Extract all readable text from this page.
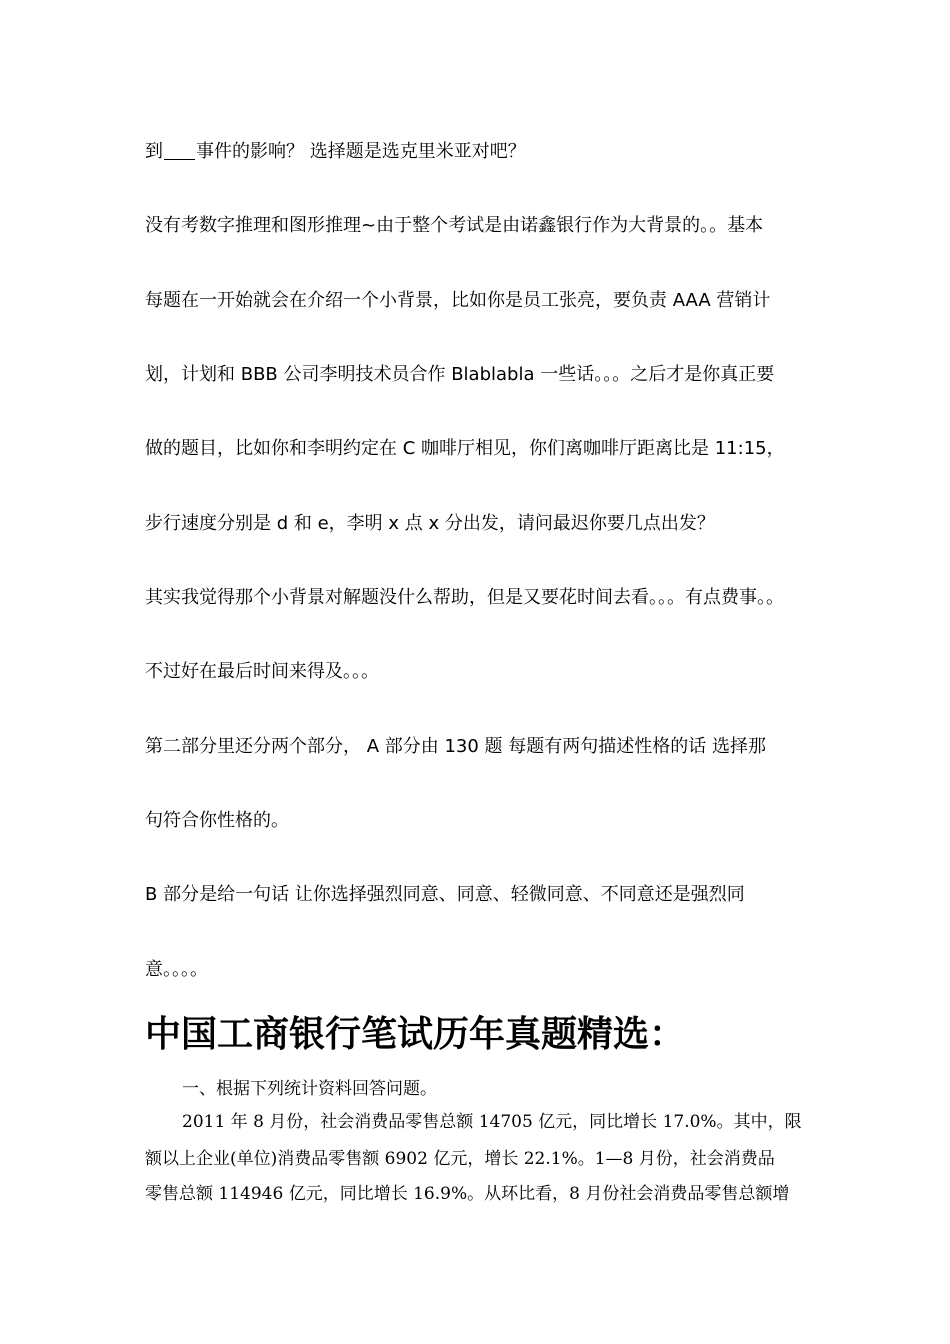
到 事件的影响？ 选择题是选克里米亚对吧？
没有考数字推理和图形推理~由于整个考试是由诺鑫银行作为大背景的。。基本
每题在一开始就会在介绍一个小背景，比如你是员工张亮，要负责 AAA 营销计
划，计划和 BBB 公司李明技术员合作 Blablabla 一些话。。。之后才是你真正要
做的题目，比如你和李明约定在 C 咖啡厅相见，你们离咖啡厅距离比是 11:15，
步行速度分别是 d 和 e，李明 x 点 x 分出发，请问最迟你要几点出发？
其实我觉得那个小背景对解题没什么帮助，但是又要花时间去看。。。有点费事。。
不过好在最后时间来得及。。。
第二部分里还分两个部分， A 部分由 130 题 每题有两句描述性格的话 选择那
句符合你性格的。
B 部分是给一句话 让你选择强烈同意、同意、轻微同意、不同意还是强烈同
意。。。。
中国工商银行笔试历年真题精选：
一、根据下列统计资料回答问题。
2011 年 8 月份，社会消费品零售总额 14705 亿元，同比增长 17.0%。其中，限
额以上企业(单位)消费品零售额 6902 亿元，增长 22.1%。1—8 月份，社会消费品
零售总额 114946 亿元，同比增长 16.9%。从环比看，8 月份社会消费品零售总额增
